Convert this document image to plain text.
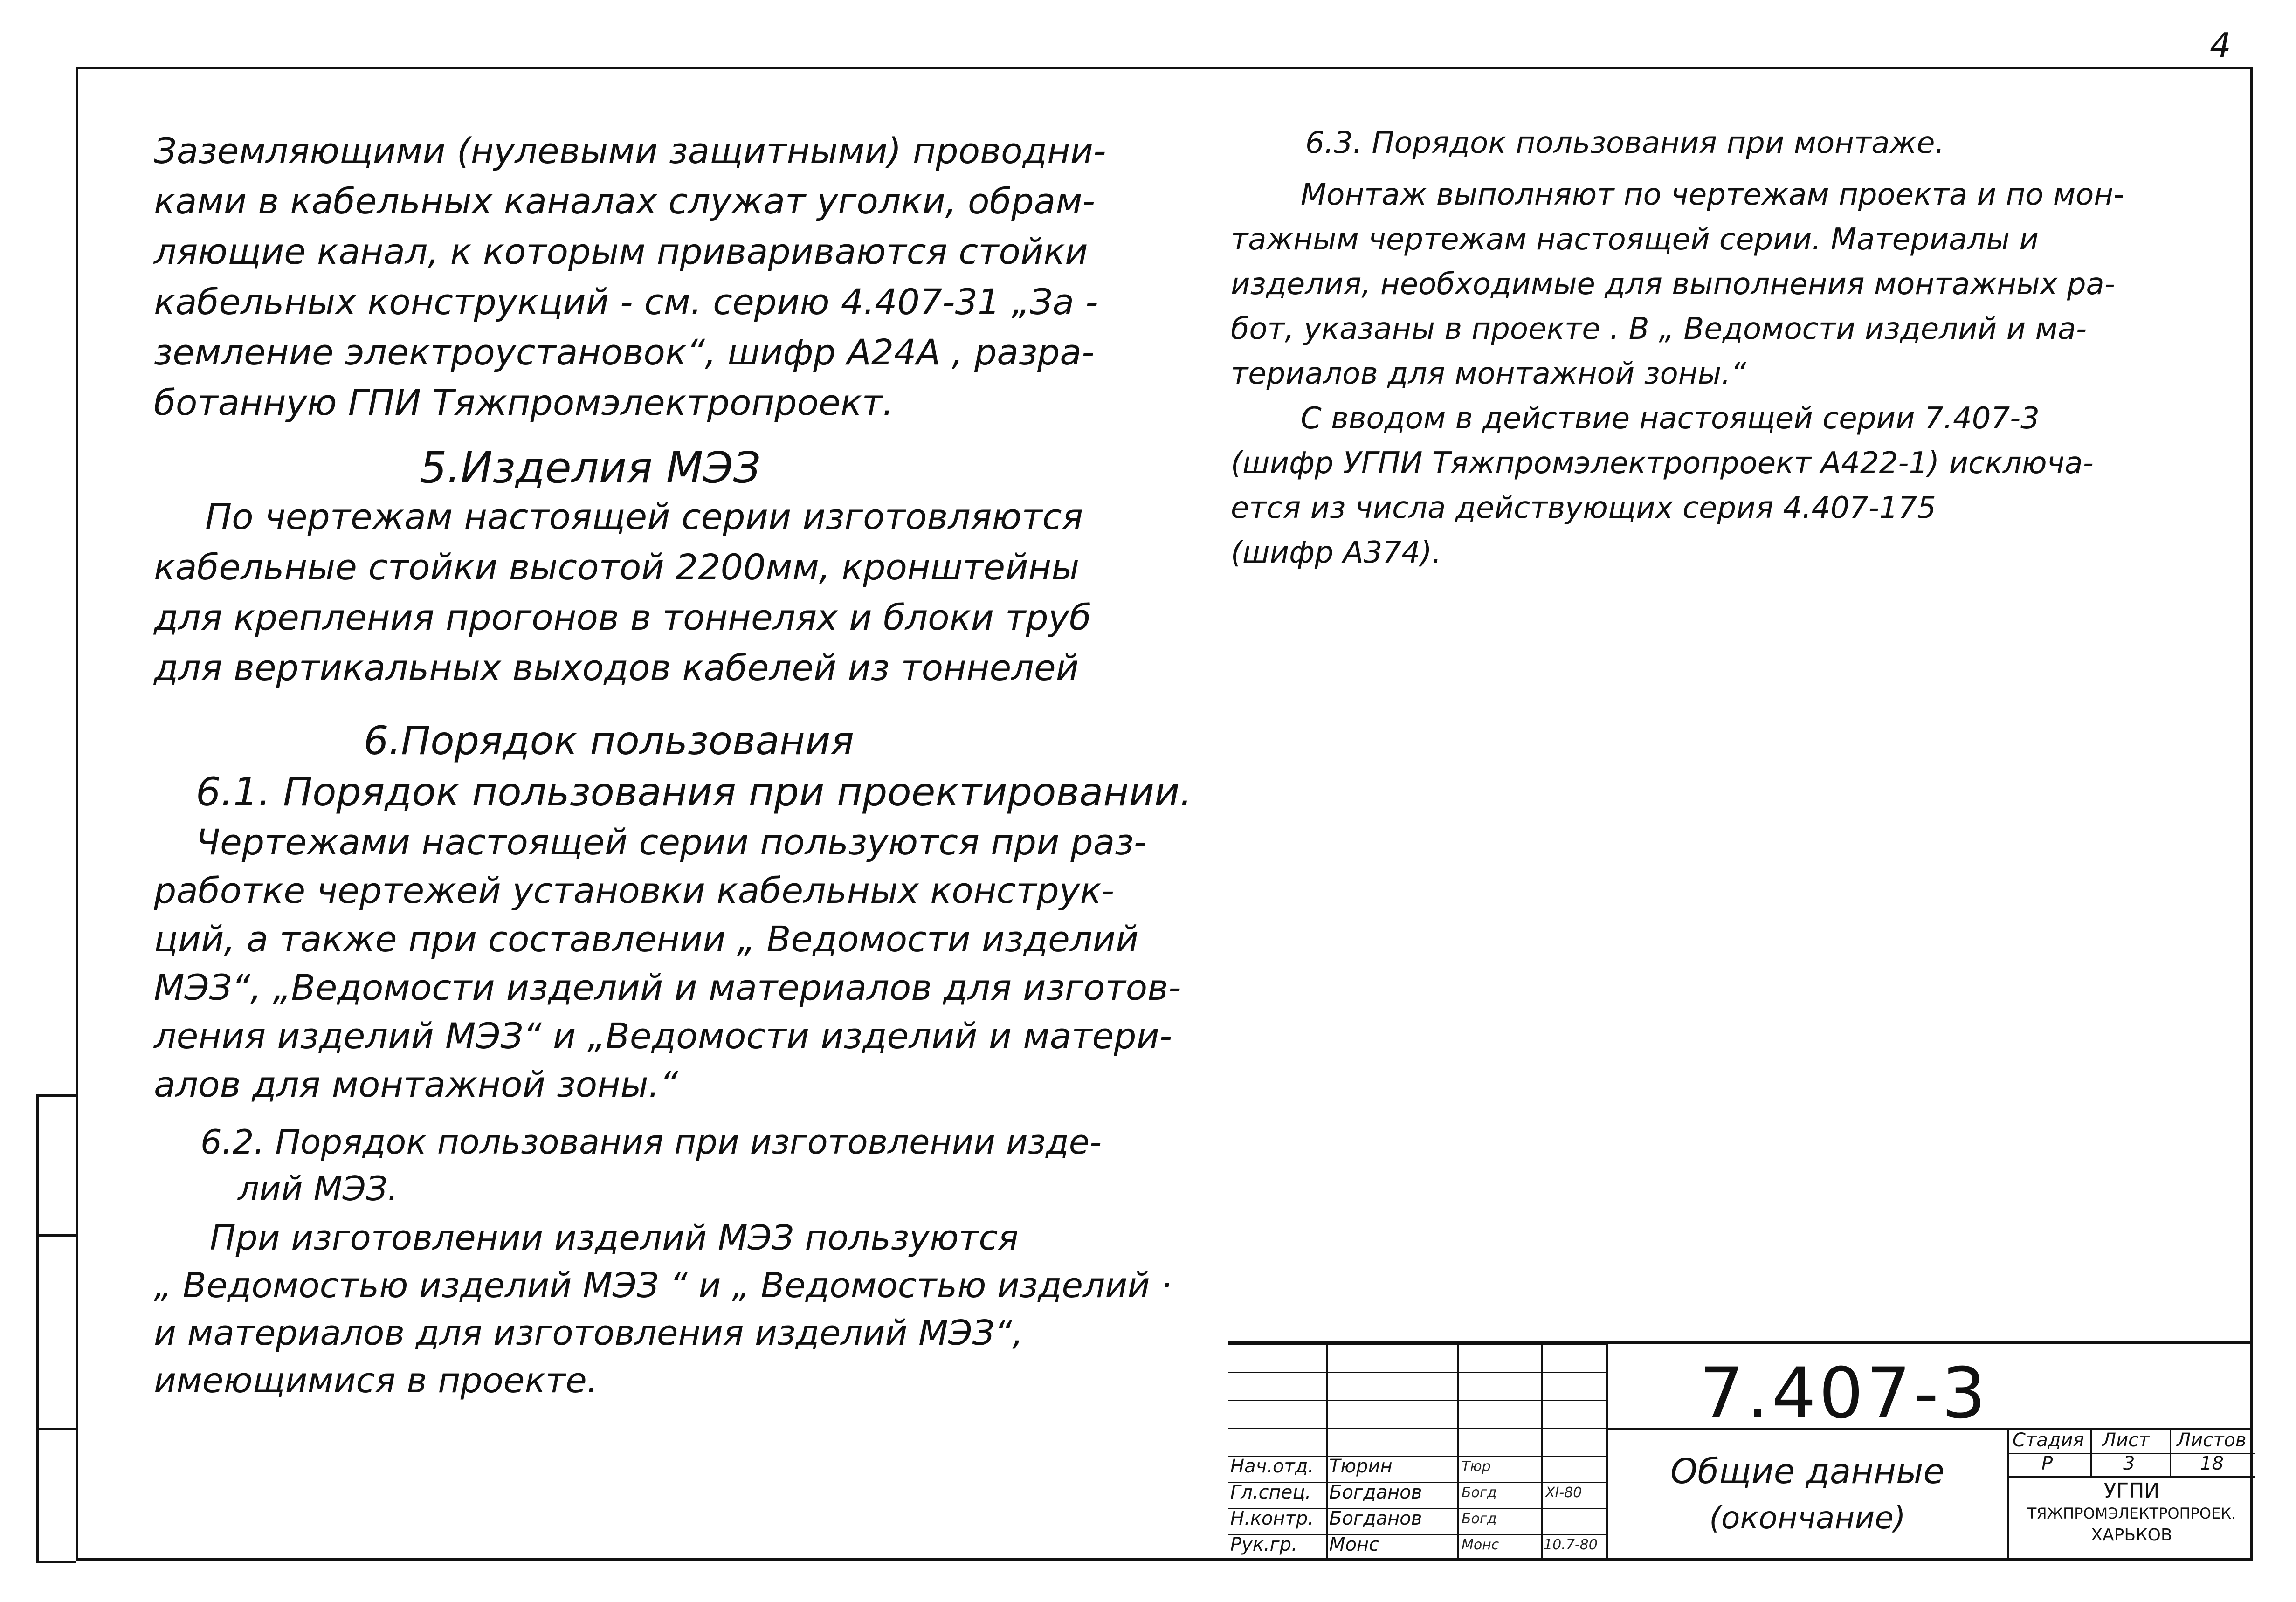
4

Заземляющими (нулевыми защитными) проводни-

ками в кабельных каналах служат уголки, обрам-

ляющие канал, к которым привариваются стойки

кабельных конструкций - см. серию 4.407-31 „За -

земление электроустановок“, шифр А24А , разра-

ботанную ГПИ Тяжпромэлектропроект.

5.Изделия МЭЗ

По чертежам настоящей серии изготовляются

кабельные стойки высотой 2200мм, кронштейны

для крепления прогонов в тоннелях и блоки труб

для вертикальных выходов кабелей из тоннелей

6.Порядок пользования
6.1. Порядок пользования при проектировании.

Чертежами настоящей серии пользуются при раз-

работке чертежей установки кабельных конструк-

ций, а также при составлении „ Ведомости изделий

МЭЗ“, „Ведомости изделий и материалов для изготов-

ления изделий МЭЗ“ и „Ведомости изделий и матери-

алов для монтажной зоны.“

6.2. Порядок пользования при изготовлении изде-

лий МЭЗ.

При изготовлении изделий МЭЗ пользуются

„ Ведомостью изделий МЭЗ “ и „ Ведомостью изделий ·

и материалов для изготовления изделий МЭЗ“,

имеющимися в проекте.

6.3. Порядок пользования при монтаже.

Монтаж выполняют по чертежам проекта и по мон-

тажным чертежам настоящей серии. Материалы и

изделия, необходимые для выполнения монтажных ра-

бот, указаны в проекте . В „ Ведомости изделий и ма-

териалов для монтажной зоны.“

С вводом в действие настоящей серии 7.407-3

(шифр УГПИ Тяжпромэлектропроект А422-1) исключа-

ется из числа действующих серия 4.407-175

(шифр А374).

Нач.отд. Тюрин	Тюр
Гл.спец. Богданов	Богд	XI-80
Н.контр. Богданов	Богд
Рук.гр. Монс	Монс	10.7-80
7.407-3

Общие данные

(окончание)

Стадия Лист Листов
Р	3	18
УГПИ
ТЯЖПРОМЭЛЕКТРОПРОЕК.
ХАРЬКОВ
